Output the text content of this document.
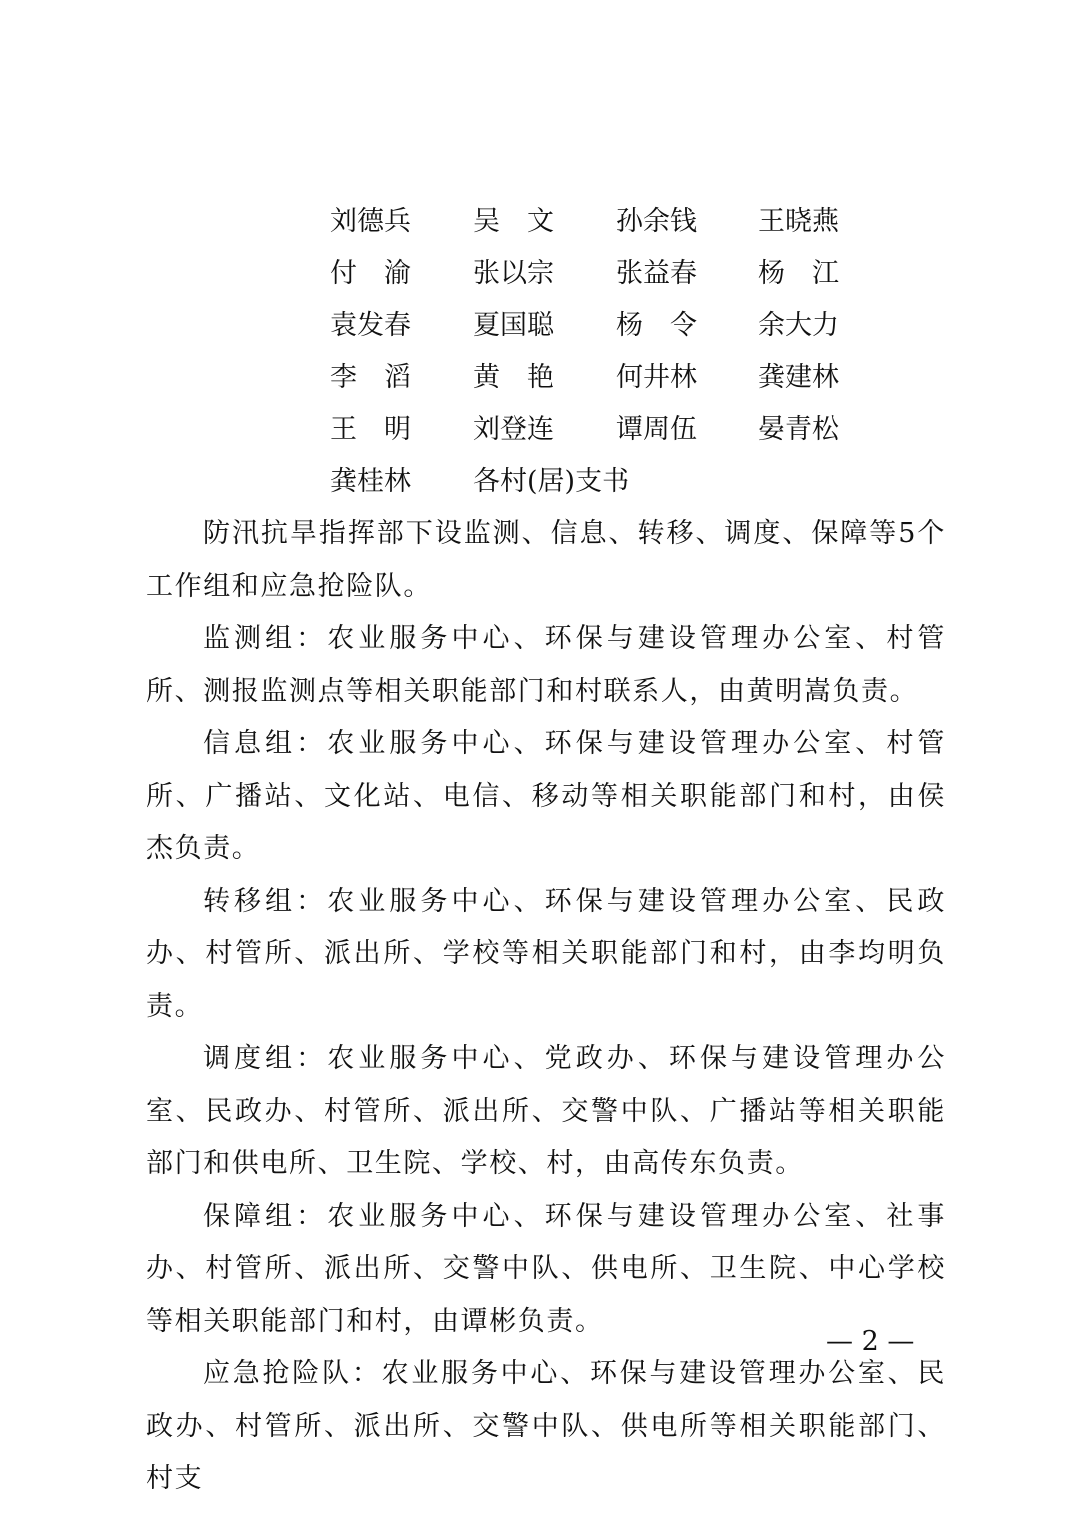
刘德兵 吴　文 孙余钱 王晓燕
付　渝 张以宗 张益春 杨　江
袁发春 夏国聪 杨　令 余大力
李　滔 黄　艳 何井林 龚建林
王　明 刘登连 谭周伍 晏青松
龚桂林 各村(居)支书

防汛抗旱指挥部下设监测、信息、转移、调度、保障等5个工作组和应急抢险队。

监测组：农业服务中心、环保与建设管理办公室、村管所、测报监测点等相关职能部门和村联系人，由黄明嵩负责。

信息组：农业服务中心、环保与建设管理办公室、村管所、广播站、文化站、电信、移动等相关职能部门和村，由侯杰负责。

转移组：农业服务中心、环保与建设管理办公室、民政办、村管所、派出所、学校等相关职能部门和村，由李均明负责。

调度组：农业服务中心、党政办、环保与建设管理办公室、民政办、村管所、派出所、交警中队、广播站等相关职能部门和供电所、卫生院、学校、村，由高传东负责。

保障组：农业服务中心、环保与建设管理办公室、社事办、村管所、派出所、交警中队、供电所、卫生院、中心学校等相关职能部门和村，由谭彬负责。

应急抢险队：农业服务中心、环保与建设管理办公室、民政办、村管所、派出所、交警中队、供电所等相关职能部门、村支

— 2 —
